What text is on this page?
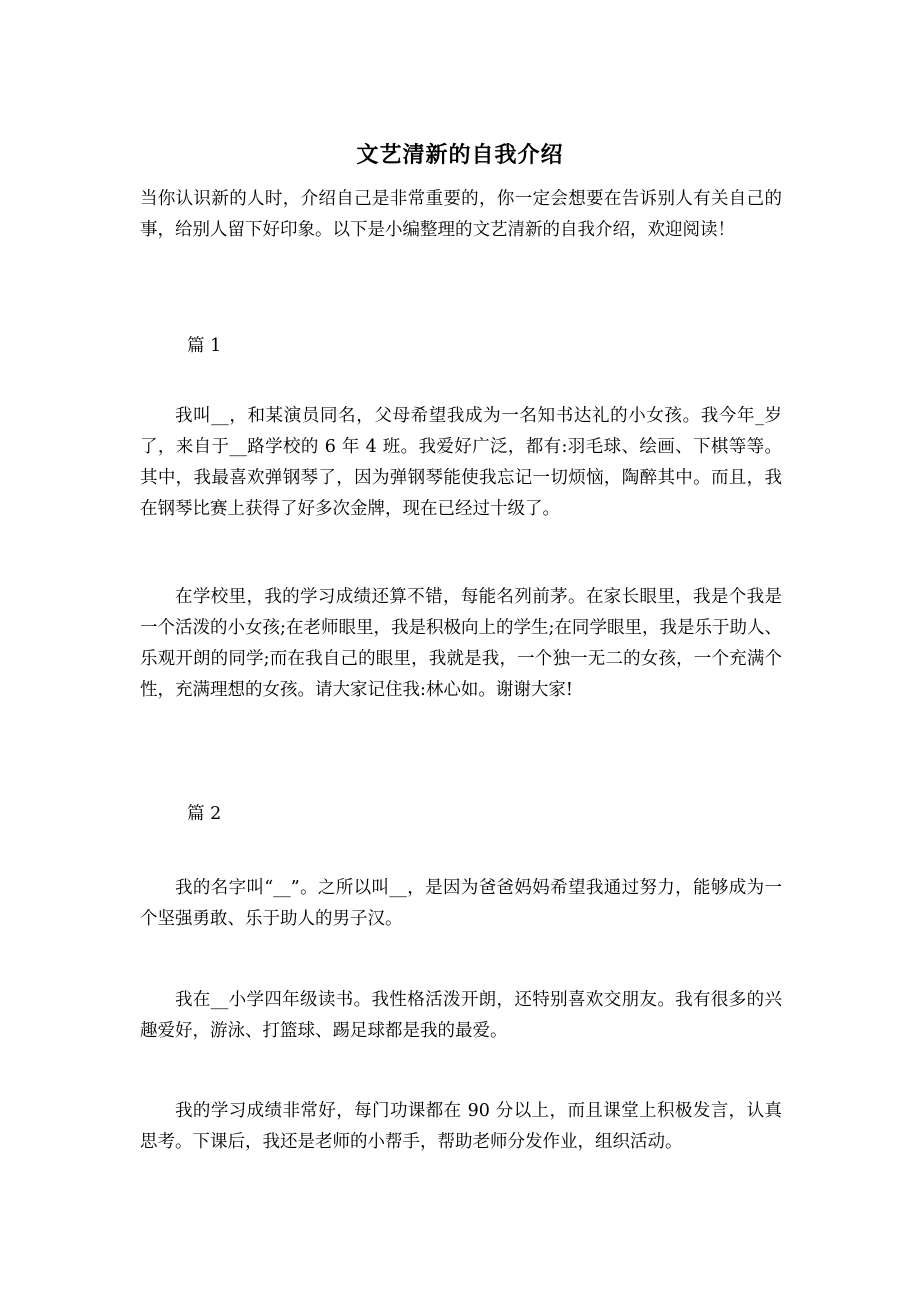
文艺清新的自我介绍
当你认识新的人时，介绍自己是非常重要的，你一定会想要在告诉别人有关自己的事，给别人留下好印象。以下是小编整理的文艺清新的自我介绍，欢迎阅读！
篇 1
我叫__，和某演员同名，父母希望我成为一名知书达礼的小女孩。我今年_岁了，来自于__路学校的 6 年 4 班。我爱好广泛，都有:羽毛球、绘画、下棋等等。其中，我最喜欢弹钢琴了，因为弹钢琴能使我忘记一切烦恼，陶醉其中。而且，我在钢琴比赛上获得了好多次金牌，现在已经过十级了。
在学校里，我的学习成绩还算不错，每能名列前茅。在家长眼里，我是个我是一个活泼的小女孩;在老师眼里，我是积极向上的学生;在同学眼里，我是乐于助人、乐观开朗的同学;而在我自己的眼里，我就是我，一个独一无二的女孩，一个充满个性，充满理想的女孩。请大家记住我:林心如。谢谢大家!
篇 2
我的名字叫“__”。之所以叫__，是因为爸爸妈妈希望我通过努力，能够成为一个坚强勇敢、乐于助人的男子汉。
我在__小学四年级读书。我性格活泼开朗，还特别喜欢交朋友。我有很多的兴趣爱好，游泳、打篮球、踢足球都是我的最爱。
我的学习成绩非常好，每门功课都在 90 分以上，而且课堂上积极发言，认真思考。下课后，我还是老师的小帮手，帮助老师分发作业，组织活动。
